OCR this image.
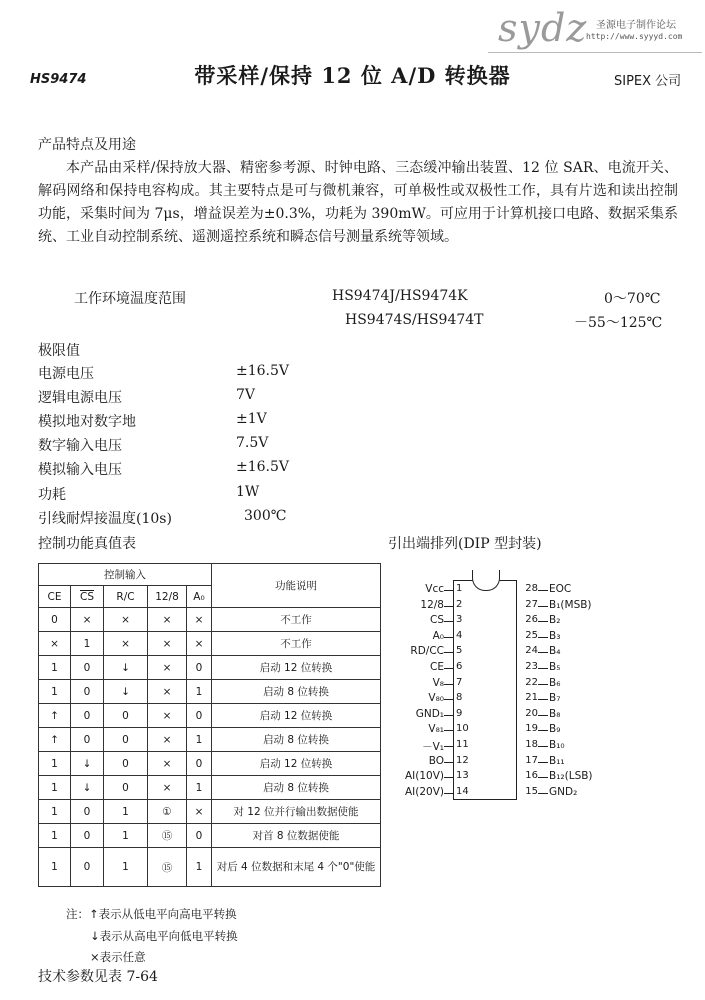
sydz 圣源电子制作论坛
http://www.syyyd.com
HS9474	带采样/保持 12 位 A/D 转换器	SIPEX 公司
产品特点及用途

本产品由采样/保持放大器、精密参考源、时钟电路、三态缓冲输出装置、12 位 SAR、电流开关、解码网络和保持电容构成。其主要特点是可与微机兼容，可单极性或双极性工作，具有片选和读出控制功能，采集时间为 7μs，增益误差为±0.3%，功耗为 390mW。可应用于计算机接口电路、数据采集系统、工业自动控制系统、遥测遥控系统和瞬态信号测量系统等领域。

工作环境温度范围	HS9474J/HS9474K	0～70℃
HS9474S/HS9474T	－55～125℃
极限值
电源电压	±16.5V
逻辑电源电压	7V
模拟地对数字地	±1V
数字输入电压	7.5V
模拟输入电压	±16.5V
功耗	1W
引线耐焊接温度(10s)	300℃
控制功能真值表
控制输入					功能说明
CE	$\overline{CS}$	R/C	12/8	A₀	
0	×	×	×	×	不工作
×	1	×	×	×	不工作
1	0	↓	×	0	启动 12 位转换
1	0	↓	×	1	启动 8 位转换
↑	0	0	×	0	启动 12 位转换
↑	0	0	×	1	启动 8 位转换
1	↓	0	×	0	启动 12 位转换
1	↓	0	×	1	启动 8 位转换
1	0	1	①	×	对 12 位并行输出数据使能
1	0	1	⑮	0	对首 8 位数据使能
1	0	1	⑮	1	对后 4 位数据和末尾 4 个"0"使能
注：↑表示从低电平向高电平转换
↓表示从高电平向低电平转换
×表示任意
技术参数见表 7-64
引出端排列(DIP 型封装)
Vcc 1
12/8 2
CS 3
A₀ 4
RD/CC 5
CE 6
V₈ 7
V₈₀ 8
GND₁ 9
V₈₁ 10
－V₁ 11
BO 12
AI(10V) 13
AI(20V) 14
28 EOC
27 B₁(MSB)
26 B₂
25 B₃
24 B₄
23 B₅
22 B₆
21 B₇
20 B₈
19 B₉
18 B₁₀
17 B₁₁
16 B₁₂(LSB)
15 GND₂
